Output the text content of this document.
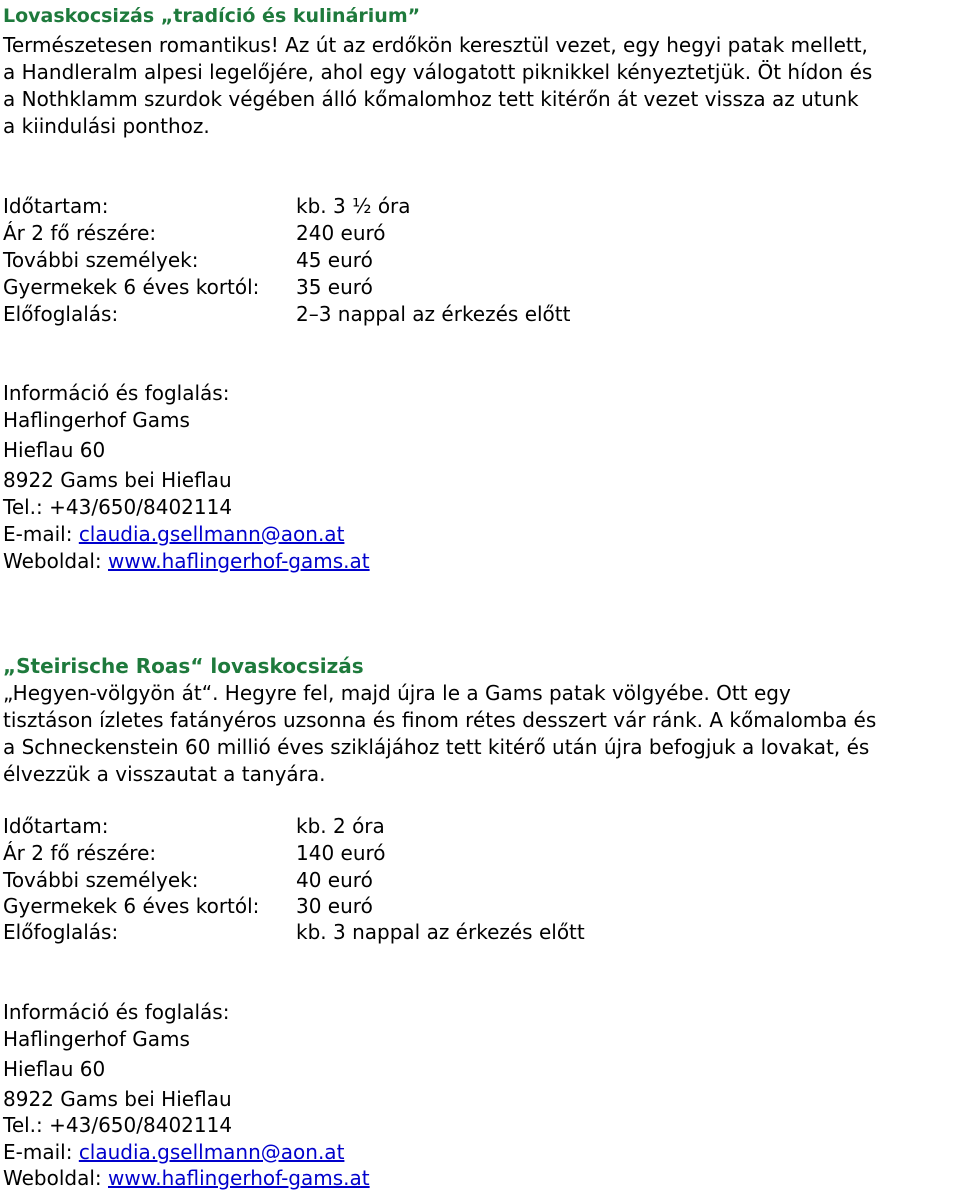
Lovaskocsizás „tradíció és kulinárium”
Természetesen romantikus! Az út az erdőkön keresztül vezet, egy hegyi patak mellett,
a Handleralm alpesi legelőjére, ahol egy válogatott piknikkel kényeztetjük. Öt hídon és
a Nothklamm szurdok végében álló kőmalomhoz tett kitérőn át vezet vissza az utunk
a kiindulási ponthoz.
Időtartam:	kb. 3 ½ óra
Ár 2 fő részére:	240 euró
További személyek:	45 euró
Gyermekek 6 éves kortól: 35 euró
Előfoglalás:	2–3 nappal az érkezés előtt
Információ és foglalás:
Haflingerhof Gams
Hieflau 60
8922 Gams bei Hieflau
Tel.: +43/650/8402114
E-mail: claudia.gsellmann@aon.at
Weboldal: www.haflingerhof-gams.at
„Steirische Roas“ lovaskocsizás
„Hegyen-völgyön át“. Hegyre fel, majd újra le a Gams patak völgyébe. Ott egy
tisztáson ízletes fatányéros uzsonna és finom rétes desszert vár ránk. A kőmalomba és
a Schneckenstein 60 millió éves sziklájához tett kitérő után újra befogjuk a lovakat, és
élvezzük a visszautat a tanyára.
Időtartam:	kb. 2 óra
Ár 2 fő részére:	140 euró
További személyek:	40 euró
Gyermekek 6 éves kortól: 30 euró
Előfoglalás:	kb. 3 nappal az érkezés előtt
Információ és foglalás:
Haflingerhof Gams
Hieflau 60
8922 Gams bei Hieflau
Tel.: +43/650/8402114
E-mail: claudia.gsellmann@aon.at
Weboldal: www.haflingerhof-gams.at
